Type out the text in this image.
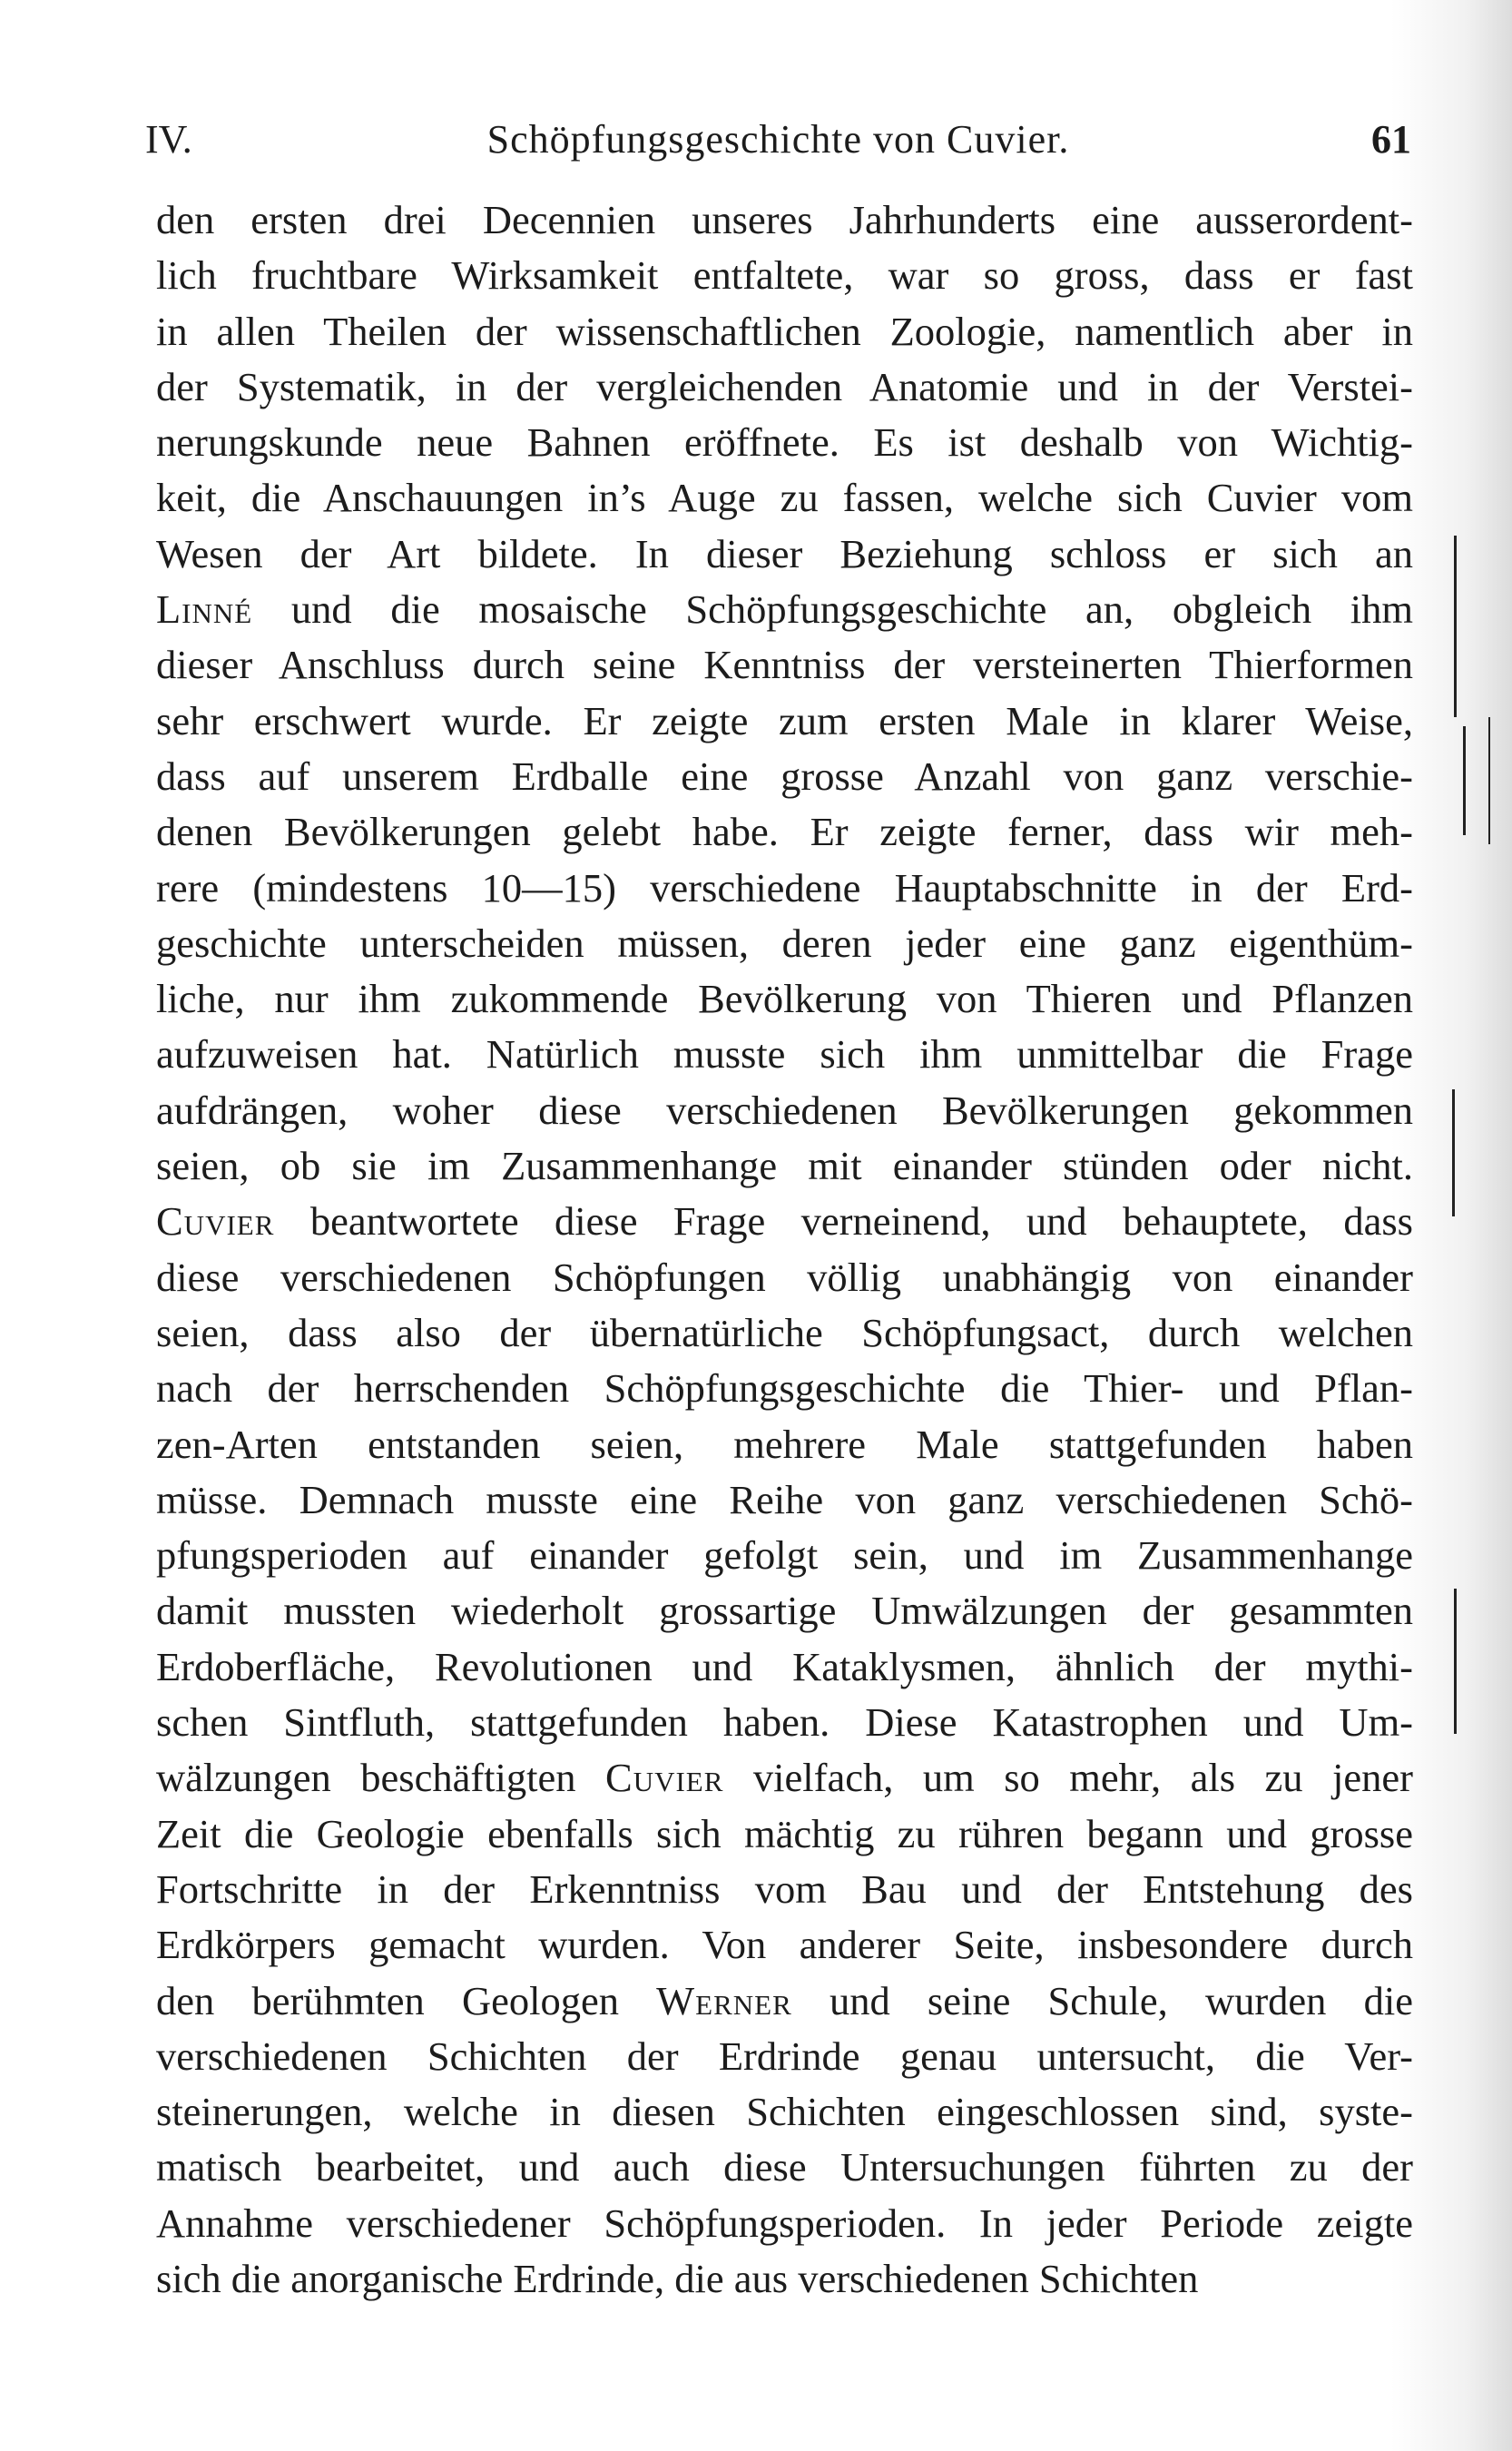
IV.	Schöpfungsgeschichte von Cuvier.	61
den ersten drei Decennien unseres Jahrhunderts eine ausserordent-
lich fruchtbare Wirksamkeit entfaltete, war so gross, dass er fast
in allen Theilen der wissenschaftlichen Zoologie, namentlich aber in
der Systematik, in der vergleichenden Anatomie und in der Verstei-
nerungskunde neue Bahnen eröffnete. Es ist deshalb von Wichtig-
keit, die Anschauungen in’s Auge zu fassen, welche sich Cuvier vom
Wesen der Art bildete. In dieser Beziehung schloss er sich an
Linné und die mosaische Schöpfungsgeschichte an, obgleich ihm
dieser Anschluss durch seine Kenntniss der versteinerten Thierformen
sehr erschwert wurde. Er zeigte zum ersten Male in klarer Weise,
dass auf unserem Erdballe eine grosse Anzahl von ganz verschie-
denen Bevölkerungen gelebt habe. Er zeigte ferner, dass wir meh-
rere (mindestens 10—15) verschiedene Hauptabschnitte in der Erd-
geschichte unterscheiden müssen, deren jeder eine ganz eigenthüm-
liche, nur ihm zukommende Bevölkerung von Thieren und Pflanzen
aufzuweisen hat. Natürlich musste sich ihm unmittelbar die Frage
aufdrängen, woher diese verschiedenen Bevölkerungen gekommen
seien, ob sie im Zusammenhange mit einander stünden oder nicht.
Cuvier beantwortete diese Frage verneinend, und behauptete, dass
diese verschiedenen Schöpfungen völlig unabhängig von einander
seien, dass also der übernatürliche Schöpfungsact, durch welchen
nach der herrschenden Schöpfungsgeschichte die Thier- und Pflan-
zen-Arten entstanden seien, mehrere Male stattgefunden haben
müsse. Demnach musste eine Reihe von ganz verschiedenen Schö-
pfungsperioden auf einander gefolgt sein, und im Zusammenhange
damit mussten wiederholt grossartige Umwälzungen der gesammten
Erdoberfläche, Revolutionen und Kataklysmen, ähnlich der mythi-
schen Sintfluth, stattgefunden haben. Diese Katastrophen und Um-
wälzungen beschäftigten Cuvier vielfach, um so mehr, als zu jener
Zeit die Geologie ebenfalls sich mächtig zu rühren begann und grosse
Fortschritte in der Erkenntniss vom Bau und der Entstehung des
Erdkörpers gemacht wurden. Von anderer Seite, insbesondere durch
den berühmten Geologen Werner und seine Schule, wurden die
verschiedenen Schichten der Erdrinde genau untersucht, die Ver-
steinerungen, welche in diesen Schichten eingeschlossen sind, syste-
matisch bearbeitet, und auch diese Untersuchungen führten zu der
Annahme verschiedener Schöpfungsperioden. In jeder Periode zeigte
sich die anorganische Erdrinde, die aus verschiedenen Schichten
